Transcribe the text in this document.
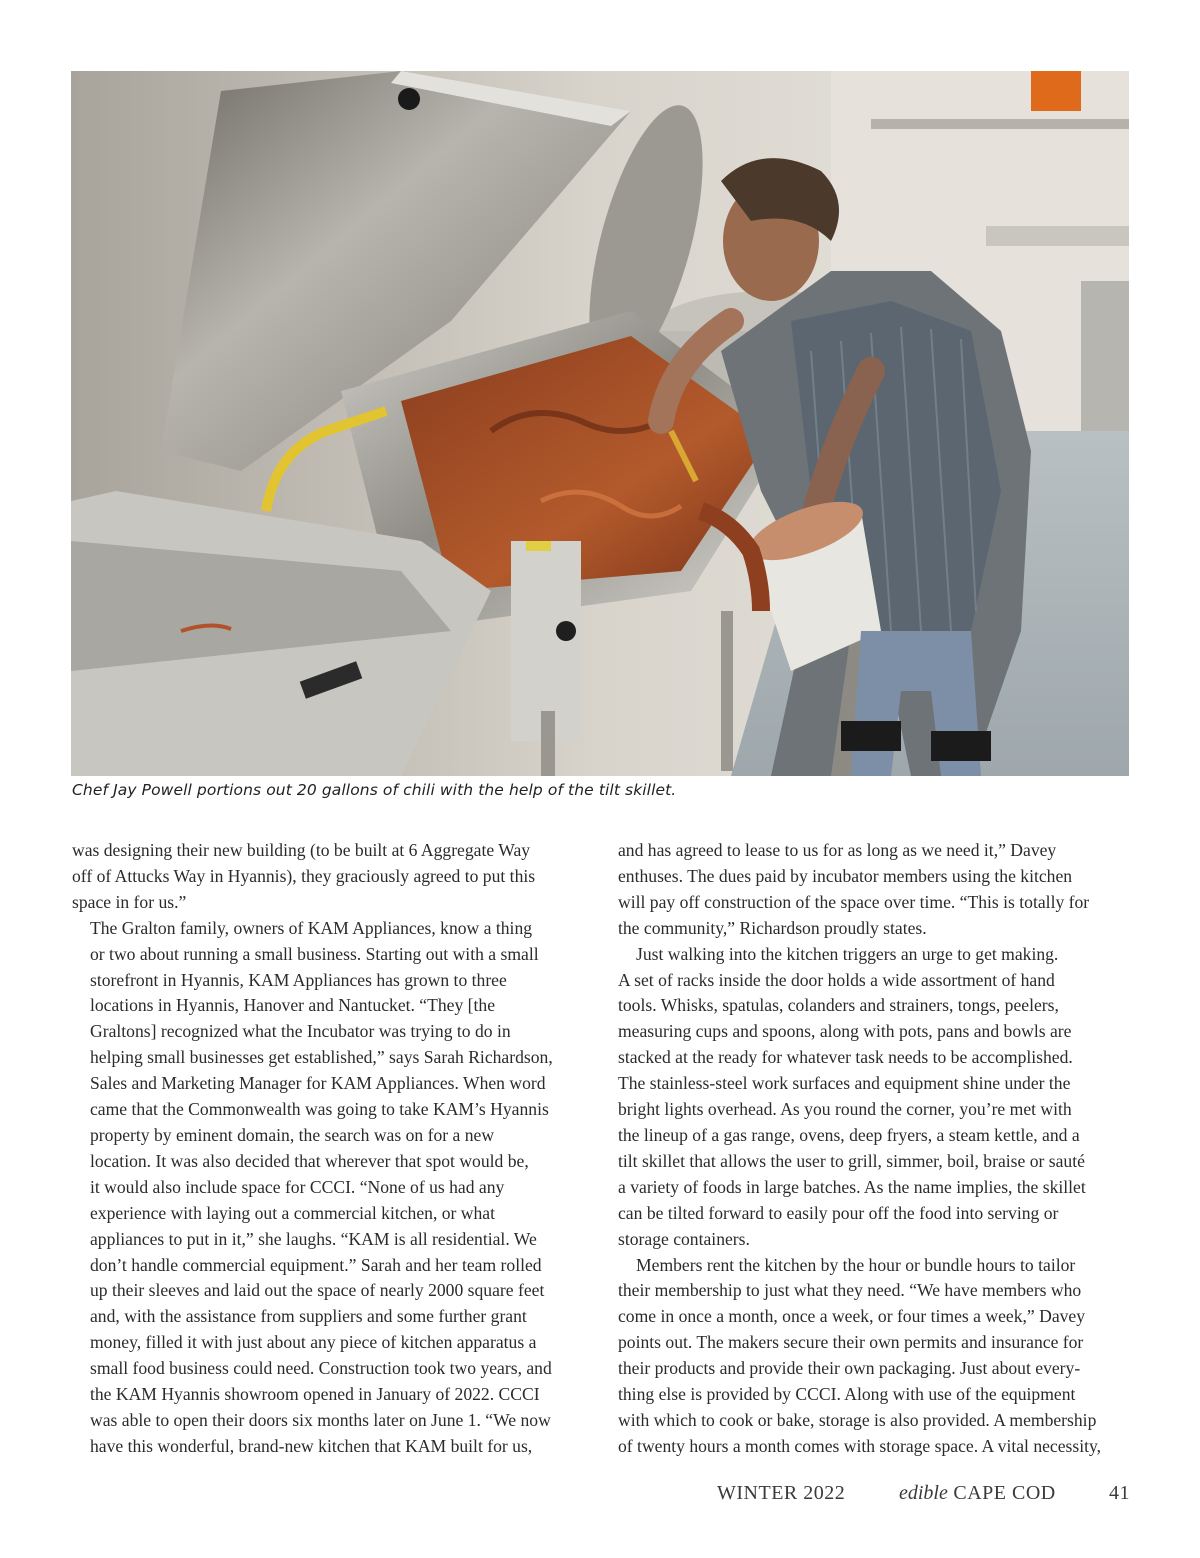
Chef Jay Powell portions out 20 gallons of chili with the help of the tilt skillet.

was designing their new building (to be built at 6 Aggregate Way
off of Attucks Way in Hyannis), they graciously agreed to put this
space in for us.”

The Gralton family, owners of KAM Appliances, know a thing
or two about running a small business. Starting out with a small
storefront in Hyannis, KAM Appliances has grown to three
locations in Hyannis, Hanover and Nantucket. “They [the
Graltons] recognized what the Incubator was trying to do in
helping small businesses get established,” says Sarah Richardson,
Sales and Marketing Manager for KAM Appliances. When word
came that the Commonwealth was going to take KAM’s Hyannis
property by eminent domain, the search was on for a new
location. It was also decided that wherever that spot would be,
it would also include space for CCCI. “None of us had any
experience with laying out a commercial kitchen, or what
appliances to put in it,” she laughs. “KAM is all residential. We
don’t handle commercial equipment.” Sarah and her team rolled
up their sleeves and laid out the space of nearly 2000 square feet
and, with the assistance from suppliers and some further grant
money, filled it with just about any piece of kitchen apparatus a
small food business could need. Construction took two years, and
the KAM Hyannis showroom opened in January of 2022. CCCI
was able to open their doors six months later on June 1. “We now
have this wonderful, brand-new kitchen that KAM built for us,

and has agreed to lease to us for as long as we need it,” Davey
enthuses. The dues paid by incubator members using the kitchen
will pay off construction of the space over time. “This is totally for
the community,” Richardson proudly states.

Just walking into the kitchen triggers an urge to get making.
A set of racks inside the door holds a wide assortment of hand
tools. Whisks, spatulas, colanders and strainers, tongs, peelers,
measuring cups and spoons, along with pots, pans and bowls are
stacked at the ready for whatever task needs to be accomplished.
The stainless-steel work surfaces and equipment shine under the
bright lights overhead. As you round the corner, you’re met with
the lineup of a gas range, ovens, deep fryers, a steam kettle, and a
tilt skillet that allows the user to grill, simmer, boil, braise or sauté
a variety of foods in large batches. As the name implies, the skillet
can be tilted forward to easily pour off the food into serving or
storage containers.

Members rent the kitchen by the hour or bundle hours to tailor
their membership to just what they need. “We have members who
come in once a month, once a week, or four times a week,” Davey
points out. The makers secure their own permits and insurance for
their products and provide their own packaging. Just about every-
thing else is provided by CCCI. Along with use of the equipment
with which to cook or bake, storage is also provided. A membership
of twenty hours a month comes with storage space. A vital necessity,

WINTER 2022	edible CAPE COD	41
